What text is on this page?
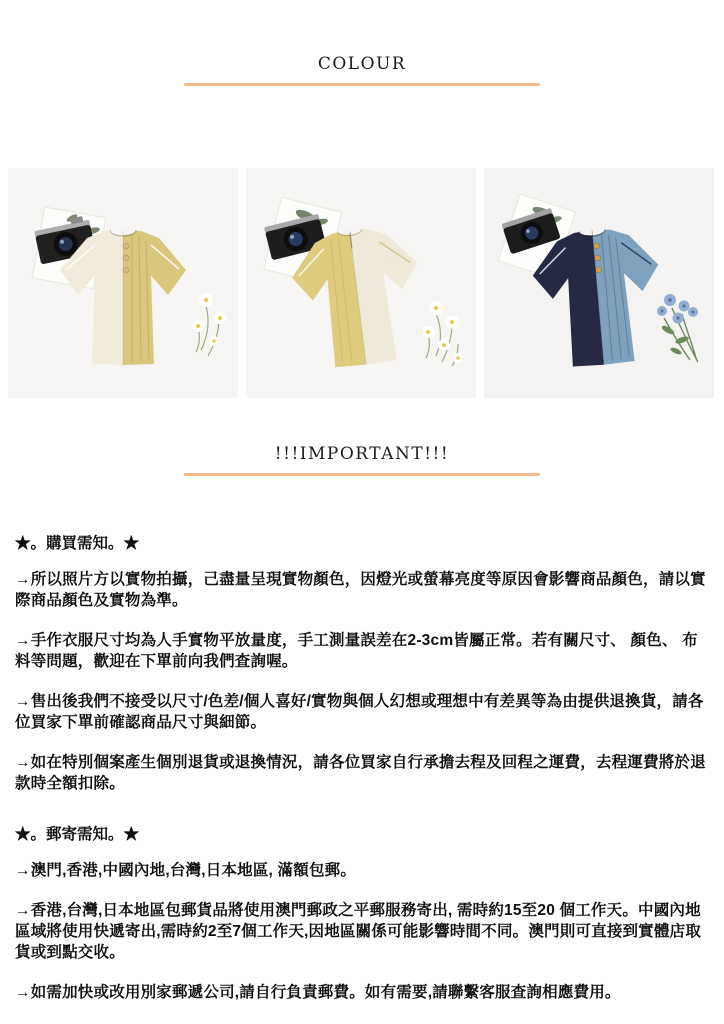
COLOUR
!!!IMPORTANT!!!
★。購買需知。★

→所以照片方以實物拍攝，己盡量呈現實物顏色，因燈光或螢幕亮度等原因會影響商品顏色，請以實際商品顏色及實物為準。

→手作衣服尺寸均為人手實物平放量度，手工測量誤差在2-3cm皆屬正常。若有關尺寸、 顏色、 布料等問題，歡迎在下單前向我們查詢喔。

→售出後我們不接受以尺寸/色差/個人喜好/實物與個人幻想或理想中有差異等為由提供退換貨，請各位買家下單前確認商品尺寸與細節。

→如在特別個案產生個別退貨或退換情況，請各位買家自行承擔去程及回程之運費，去程運費將於退款時全額扣除。

★。郵寄需知。★

→澳門,香港,中國內地,台灣,日本地區, 滿額包郵。

→香港,台灣,日本地區包郵貨品將使用澳門郵政之平郵服務寄出, 需時約15至20 個工作天。中國內地區域將使用快遞寄出,需時約2至7個工作天,因地區關係可能影響時間不同。澳門則可直接到實體店取貨或到點交收。

→如需加快或改用別家郵遞公司,請自行負責郵費。如有需要,請聯繫客服查詢相應費用。
